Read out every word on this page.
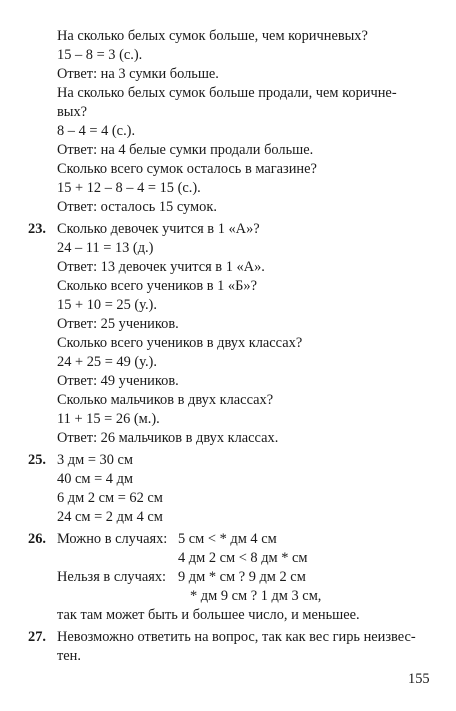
На сколько белых сумок больше, чем коричневых?
15 – 8 = 3 (с.).
Ответ: на 3 сумки больше.
На сколько белых сумок больше продали, чем коричне-
вых?
8 – 4 = 4 (с.).
Ответ: на 4 белые сумки продали больше.
Сколько всего сумок осталось в магазине?
15 + 12 – 8 – 4 = 15 (с.).
Ответ: осталось 15 сумок.
23. Сколько девочек учится в 1 «А»?
24 – 11 = 13 (д.)
Ответ: 13 девочек учится в 1 «А».
Сколько всего учеников в 1 «Б»?
15 + 10 = 25 (у.).
Ответ: 25 учеников.
Сколько всего учеников в двух классах?
24 + 25 = 49 (у.).
Ответ: 49 учеников.
Сколько мальчиков в двух классах?
11 + 15 = 26 (м.).
Ответ: 26 мальчиков в двух классах.
25. 3 дм = 30 см
40 см = 4 дм
6 дм 2 см = 62 см
24 см = 2 дм 4 см
26. Можно в случаях: 5 см < * дм 4 см
4 дм 2 см < 8 дм * см
Нельзя в случаях: 9 дм * см ? 9 дм 2 см
* дм 9 см ? 1 дм 3 см,
так там может быть и большее число, и меньшее.
27. Невозможно ответить на вопрос, так как вес гирь неизвес-
тен.
155
